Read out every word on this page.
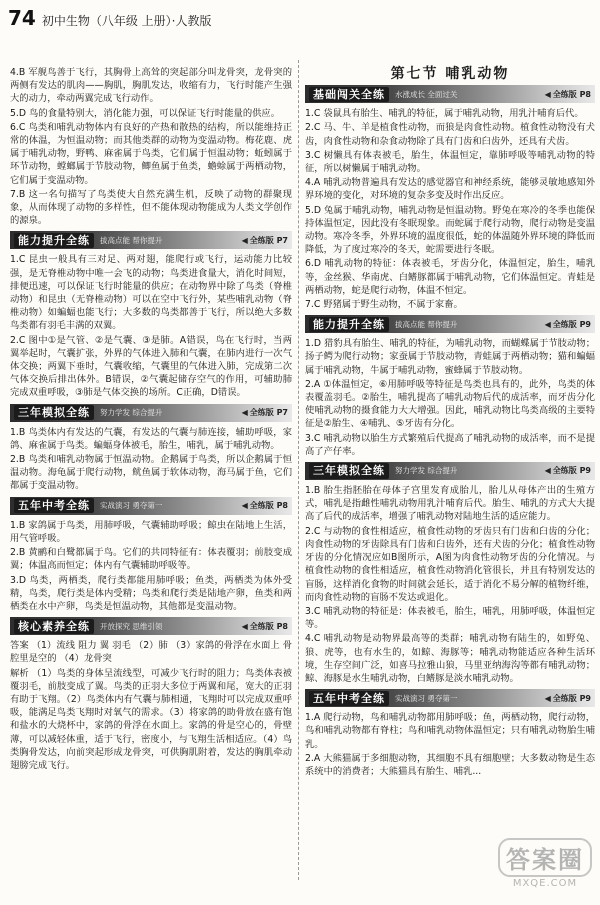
74 初中生物（八年级 上册）·人教版

4.B 军舰鸟善于飞行，其胸骨上高耸的突起部分叫龙骨突，龙骨突的两侧有发达的肌肉——胸肌，胸肌发达，收缩有力，飞行时能产生强大的动力，牵动两翼完成飞行动作。

5.D 鸟的食量特别大，消化能力强，可以保证飞行时能量的供应。

6.C 鸟类和哺乳动物体内有良好的产热和散热的结构，所以能维持正常的体温，为恒温动物；而其他类群的动物为变温动物。梅花鹿、虎属于哺乳动物，野鸭、麻雀属于鸟类，它们属于恒温动物；蚯蚓属于环节动物，螳螂属于节肢动物，鲫鱼属于鱼类，蟾蜍属于两栖动物，它们属于变温动物。

7.B 这一名句描写了鸟类使大自然充满生机，反映了动物的群聚现象，从而体现了动物的多样性，但不能体现动物能成为人类文学创作的源泉。

能力提升全练	拔高点能 帮你提升	◀ 全练版 P7

1.C 昆虫一般具有三对足、两对翅，能爬行或飞行，运动能力比较强，是无脊椎动物中唯一会飞的动物；鸟类进食量大，消化时间短，排便迅速，可以保证飞行时能量的供应；在动物界中除了鸟类（脊椎动物）和昆虫（无脊椎动物）可以在空中飞行外，某些哺乳动物（脊椎动物）如蝙蝠也能飞行；大多数的鸟类都善于飞行，所以绝大多数鸟类都有羽毛丰满的双翼。

2.C 图中①是气管、②是气囊、③是肺。A错误，鸟在飞行时，当两翼举起时，气囊扩张，外界的气体进入肺和气囊，在肺内进行一次气体交换；两翼下垂时，气囊收缩，气囊里的气体进入肺，完成第二次气体交换后排出体外。B错误，②气囊起储存空气的作用，可辅助肺完成双重呼吸，③肺是气体交换的场所。C正确，D错误。

三年模拟全练	努力学发 综合提升	◀ 全练版 P7

1.B 鸟类体内有发达的气囊，有发达的气囊与肺连接，辅助呼吸，家鸽、麻雀属于鸟类。蝙蝠身体被毛，胎生，哺乳，属于哺乳动物。

2.B 鸟类和哺乳动物属于恒温动物。企鹅属于鸟类，所以企鹅属于恒温动物。海龟属于爬行动物，鱿鱼属于软体动物，海马属于鱼，它们都属于变温动物。

五年中考全练	实战演习 勇夺第一	◀ 全练版 P8

1.B 家鸽属于鸟类，用肺呼吸，气囊辅助呼吸；鲸虫在陆地上生活，用气管呼吸。

2.B 黄鹂和白鹭都属于鸟。它们的共同特征有：体表覆羽；前肢变成翼；体温高而恒定；体内有气囊辅助呼吸等。

3.D 鸟类，两栖类，爬行类都能用肺呼吸；鱼类，两栖类为体外受精，鸟类，爬行类是体内受精；鸟类和爬行类是陆地产卵，鱼类和两栖类在水中产卵，鸟类是恒温动物，其他都是变温动物。

核心素养全练	开放探究 思维引领	◀ 全练版 P8

答案 （1）流线 阻力 翼 羽毛 （2）肺 （3）家鸽的骨浮在水面上 骨腔里是空的 （4）龙骨突

解析 （1）鸟类的身体呈流线型，可减少飞行时的阻力；鸟类体表被覆羽毛，前肢变成了翼。鸟类的正羽大多位于两翼和尾，宽大的正羽有助于飞翔。（2）鸟类体内有气囊与肺相通，飞翔时可以完成双重呼吸，能满足鸟类飞翔时对氧气的需求。（3）将家鸽的助骨放在盛有饱和盐水的大烧杯中，家鸽的骨浮在水面上。家鸽的骨是空心的，骨壁薄，可以减轻体重，适于飞行，密度小，与飞翔生活相适应。（4）鸟类胸骨发达，向前突起形成龙骨突，可供胸肌附着，发达的胸肌牵动翅膀完成飞行。

第七节 哺乳动物
基础闯关全练	水涨成长 全面过关	◀ 全练版 P8

1.C 袋鼠具有胎生、哺乳的特征，属于哺乳动物，用乳汁哺育后代。

2.C 马、牛、羊是植食性动物，而狼是肉食性动物。植食性动物没有犬齿，肉食性动物和杂食动物除了具有门齿和臼齿外，还具有犬齿。

3.C 树懒具有体表被毛，胎生，体温恒定，靠肺呼吸等哺乳动物的特征，所以树懒属于哺乳动物。

4.A 哺乳动物普遍具有发达的感觉器官和神经系统，能够灵敏地感知外界环境的变化，对环境的复杂多变及时作出反应。

5.D 兔属于哺乳动物，哺乳动物是恒温动物。野兔在寒冷的冬季也能保持体温恒定，因此没有冬眠现象。而蛇属于爬行动物，爬行动物是变温动物。寒冷冬季，外界环境的温度很低，蛇的体温随外界环境的降低而降低，为了度过寒冷的冬天，蛇需要进行冬眠。

6.D 哺乳动物的特征：体表被毛，牙齿分化，体温恒定，胎生，哺乳等，金丝猴、华南虎、白鳍豚都属于哺乳动物，它们体温恒定。青蛙是两栖动物，蛇是爬行动物，体温不恒定。

7.C 野猪属于野生动物，不属于家畜。

能力提升全练	拔高点能 帮你提升	◀ 全练版 P9

1.D 猎豹具有胎生、哺乳的特征，为哺乳动物，而蝴蝶属于节肢动物；扬子鳄为爬行动物；家蚕属于节肢动物，青蛙属于两栖动物；猫和蝙蝠属于哺乳动物，牛属于哺乳动物，蜜蜂属于节肢动物。

2.A ①体温恒定，⑥用肺呼吸等特征是鸟类也具有的，此外，鸟类的体表覆盖羽毛。②胎生，哺乳提高了哺乳动物后代的成活率，而牙齿分化使哺乳动物的摄食能力大大增强。因此，哺乳动物比鸟类高级的主要特征是②胎生、④哺乳、⑤牙齿有分化。

3.C 哺乳动物以胎生方式繁殖后代提高了哺乳动物的成活率，而不是提高了产仔率。

三年模拟全练	努力学发 综合提升	◀ 全练版 P9

1.B 胎生指胚胎在母体子宫里发育成胎儿，胎儿从母体产出的生殖方式，哺乳是指雌性哺乳动物用乳汁哺育后代。胎生、哺乳的方式大大提高了后代的成活率，增强了哺乳动物对陆地生活的适应能力。

2.C 与动物的食性相适应，植食性动物的牙齿只有门齿和臼齿的分化；肉食性动物的牙齿除具有门齿和臼齿外，还有犬齿的分化；植食性动物牙齿的分化情况应如B图所示，A图为肉食性动物牙齿的分化情况。与植食性动物的食性相适应，植食性动物消化管很长，并且有特别发达的盲肠，这样消化食物的时间就会延长，适于消化不易分解的植物纤维，而肉食性动物的盲肠不发达或退化。

3.C 哺乳动物的特征是：体表被毛，胎生，哺乳，用肺呼吸，体温恒定等。

4.C 哺乳动物是动物界最高等的类群；哺乳动物有陆生的，如野兔、狼、虎等，也有水生的，如鲸、海豚等；哺乳动物能适应各种生活环境，生存空间广泛，如喜马拉雅山狼，马里亚纳海沟等都有哺乳动物；鲸、海豚是水生哺乳动物，白鳍豚是淡水哺乳动物。

五年中考全练	实战演习 勇夺第一	◀ 全练版 P9

1.A 爬行动物，鸟和哺乳动物都用肺呼吸；鱼，两栖动物，爬行动物，鸟和哺乳动物都有脊柱；鸟和哺乳动物体温恒定；只有哺乳动物胎生哺乳。

2.A 大熊猫属于多细胞动物，其细胞不具有细胞壁；大多数动物是生态系统中的消费者；大熊猫具有胎生、哺乳...

答案圈
MXQE.COM
